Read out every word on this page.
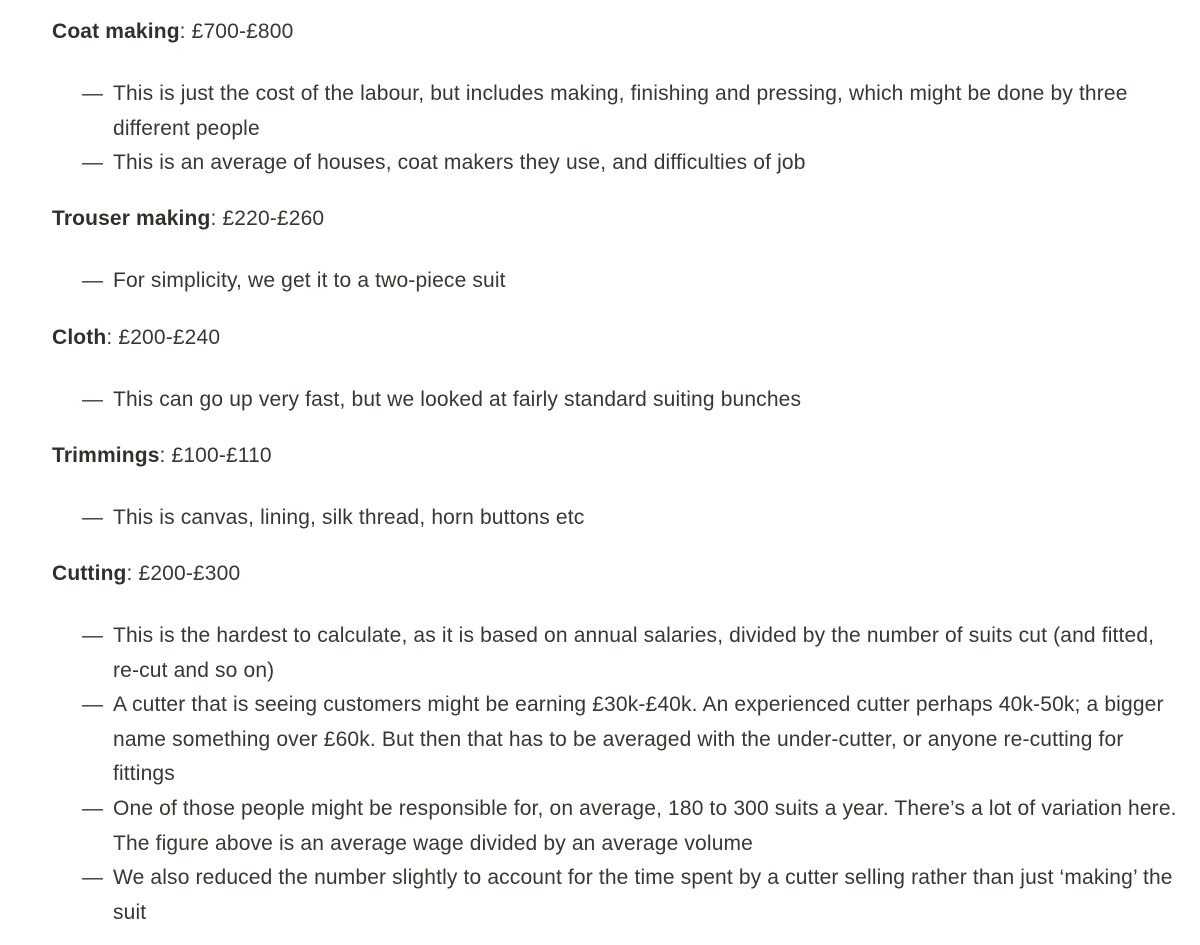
Coat making: £700-£800

— This is just the cost of the labour, but includes making, finishing and pressing, which might be done by three different people
— This is an average of houses, coat makers they use, and difficulties of job

Trouser making: £220-£260

— For simplicity, we get it to a two-piece suit

Cloth: £200-£240

— This can go up very fast, but we looked at fairly standard suiting bunches

Trimmings: £100-£110

— This is canvas, lining, silk thread, horn buttons etc

Cutting: £200-£300

— This is the hardest to calculate, as it is based on annual salaries, divided by the number of suits cut (and fitted, re-cut and so on)
— A cutter that is seeing customers might be earning £30k-£40k. An experienced cutter perhaps 40k-50k; a bigger name something over £60k. But then that has to be averaged with the under-cutter, or anyone re-cutting for fittings
— One of those people might be responsible for, on average, 180 to 300 suits a year. There’s a lot of variation here. The figure above is an average wage divided by an average volume
— We also reduced the number slightly to account for the time spent by a cutter selling rather than just ‘making’ the suit
